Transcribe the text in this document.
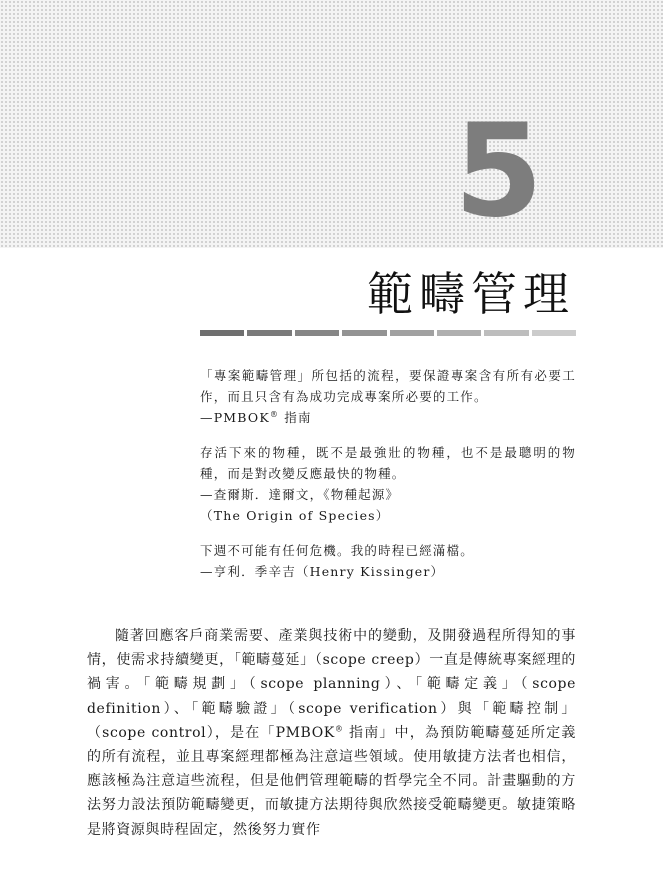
5
範疇管理

「專案範疇管理」所包括的流程，要保證專案含有所有必要工作，而且只含有為成功完成專案所必要的工作。

—PMBOK® 指南

存活下來的物種，既不是最強壯的物種，也不是最聰明的物種，而是對改變反應最快的物種。

—查爾斯．達爾文，《物種起源》

（The Origin of Species）

下週不可能有任何危機。我的時程已經滿檔。

—亨利．季辛吉（Henry Kissinger）

隨著回應客戶商業需要、產業與技術中的變動，及開發過程所得知的事情，使需求持續變更，「範疇蔓延」（scope creep）一直是傳統專案經理的禍害。「範疇規劃」（scope planning）、「範疇定義」（scope definition）、「範疇驗證」（scope verification）與「範疇控制」（scope control），是在「PMBOK® 指南」中，為預防範疇蔓延所定義的所有流程，並且專案經理都極為注意這些領域。使用敏捷方法者也相信，應該極為注意這些流程，但是他們管理範疇的哲學完全不同。計畫驅動的方法努力設法預防範疇變更，而敏捷方法期待與欣然接受範疇變更。敏捷策略是將資源與時程固定，然後努力實作
